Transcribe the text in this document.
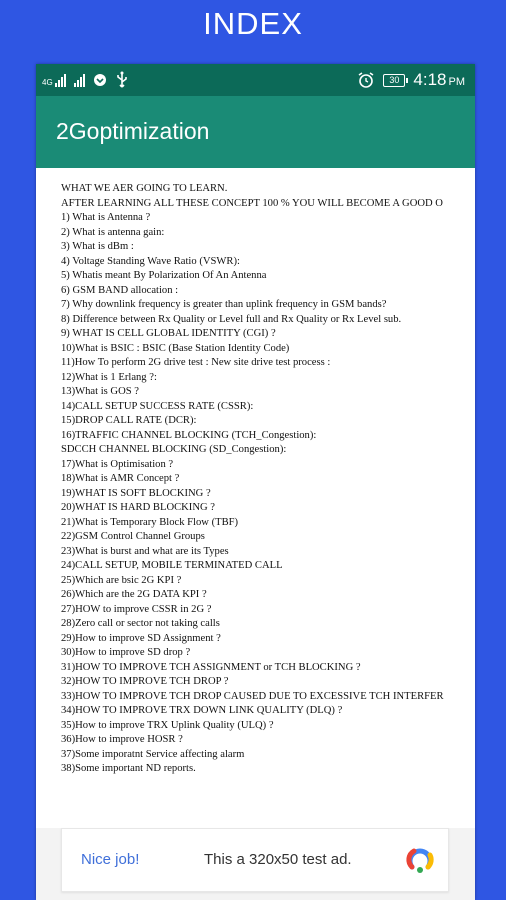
INDEX
4G	30 4:18 PM
2Goptimization
WHAT WE AER GOING TO LEARN.
AFTER LEARNING ALL THESE CONCEPT 100 % YOU WILL BECOME A GOOD O
1) What is Antenna ?
2) What is antenna gain:
3) What is dBm :
4) Voltage Standing Wave Ratio (VSWR):
5) Whatis meant By Polarization Of An Antenna
6) GSM BAND allocation :
7) Why downlink frequency is greater than uplink frequency in GSM bands?
8) Difference between Rx Quality or Level full and Rx Quality or Rx Level sub.
9) WHAT IS CELL GLOBAL IDENTITY (CGI) ?
10)What is BSIC : BSIC (Base Station Identity Code)
11)How To perform 2G drive test : New site drive test process :
12)What is 1 Erlang ?:
13)What is GOS ?
14)CALL SETUP SUCCESS RATE (CSSR):
15)DROP CALL RATE (DCR):
16)TRAFFIC CHANNEL BLOCKING (TCH_Congestion):
SDCCH CHANNEL BLOCKING (SD_Congestion):
17)What is Optimisation ?
18)What is AMR Concept ?
19)WHAT IS SOFT BLOCKING ?
20)WHAT IS HARD BLOCKING ?
21)What is Temporary Block Flow (TBF)
22)GSM Control Channel Groups
23)What is burst and what are its Types
24)CALL SETUP, MOBILE TERMINATED CALL
25)Which are bsic 2G KPI ?
26)Which are the 2G DATA KPI ?
27)HOW to improve CSSR in 2G ?
28)Zero call or sector not taking calls
29)How to improve SD Assignment ?
30)How to improve SD drop ?
31)HOW TO IMPROVE TCH ASSIGNMENT or TCH BLOCKING ?
32)HOW TO IMPROVE TCH DROP ?
33)HOW TO IMPROVE TCH DROP CAUSED DUE TO EXCESSIVE TCH INTERFER
34)HOW TO IMPROVE TRX DOWN LINK QUALITY (DLQ) ?
35)How to improve TRX Uplink Quality (ULQ) ?
36)How to improve HOSR ?
37)Some imporatnt Service affecting alarm
38)Some important ND reports.
Nice job!	This a 320x50 test ad.
